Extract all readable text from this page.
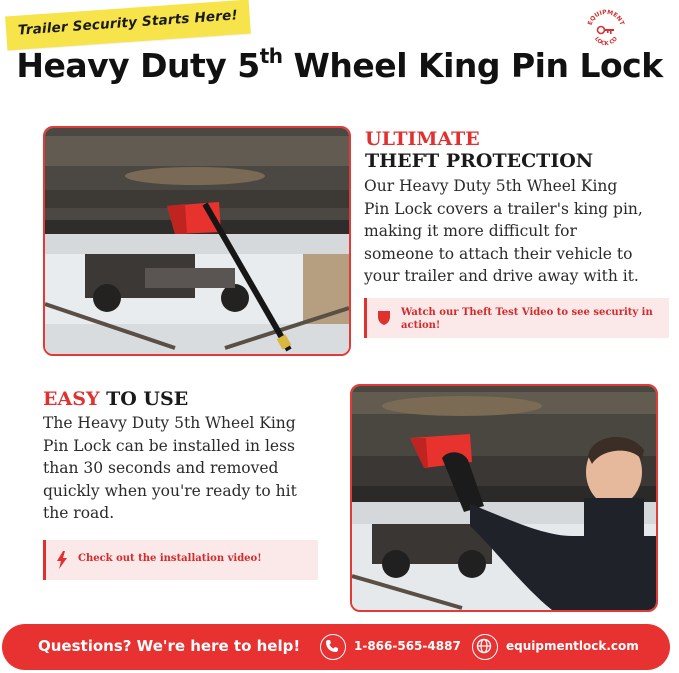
Trailer Security Starts Here!	EQUIPMENT
LOCK CO
Heavy Duty 5th Wheel King Pin Lock
ULTIMATE
THEFT PROTECTION
Our Heavy Duty 5th Wheel King
Pin Lock covers a trailer's king pin,
making it more difficult for
someone to attach their vehicle to
your trailer and drive away with it.
Watch our Theft Test Video to see security in
action!
EASY TO USE
The Heavy Duty 5th Wheel King
Pin Lock can be installed in less
than 30 seconds and removed
quickly when you're ready to hit
the road.
Check out the installation video!
Questions? We're here to help!	1-866-565-4887	equipmentlock.com
